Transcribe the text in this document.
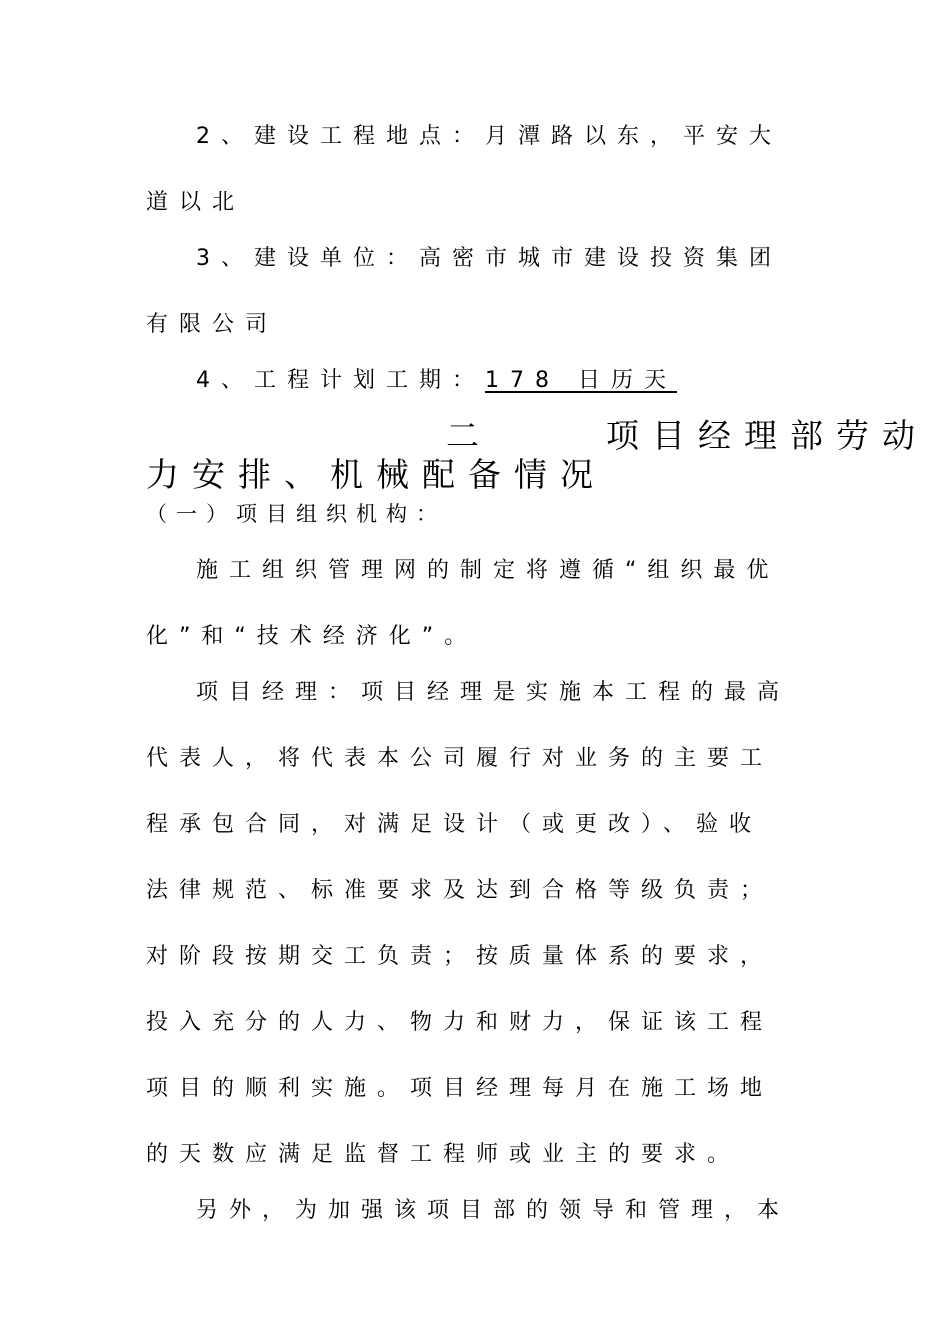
2、建设工程地点：月潭路以东，平安大
道以北
3、建设单位：高密市城市建设投资集团
有限公司
4、工程计划工期：178 日历天
二	项目经理部劳动
力安排、机械配备情况
（一）项目组织机构：
施工组织管理网的制定将遵循“组织最优
化”和“技术经济化”。
项目经理：项目经理是实施本工程的最高
代表人，将代表本公司履行对业务的主要工
程承包合同，对满足设计（或更改）、验收
法律规范、标准要求及达到合格等级负责；
对阶段按期交工负责；按质量体系的要求，
投入充分的人力、物力和财力，保证该工程
项目的顺利实施。项目经理每月在施工场地
的天数应满足监督工程师或业主的要求。
另外，为加强该项目部的领导和管理，本
